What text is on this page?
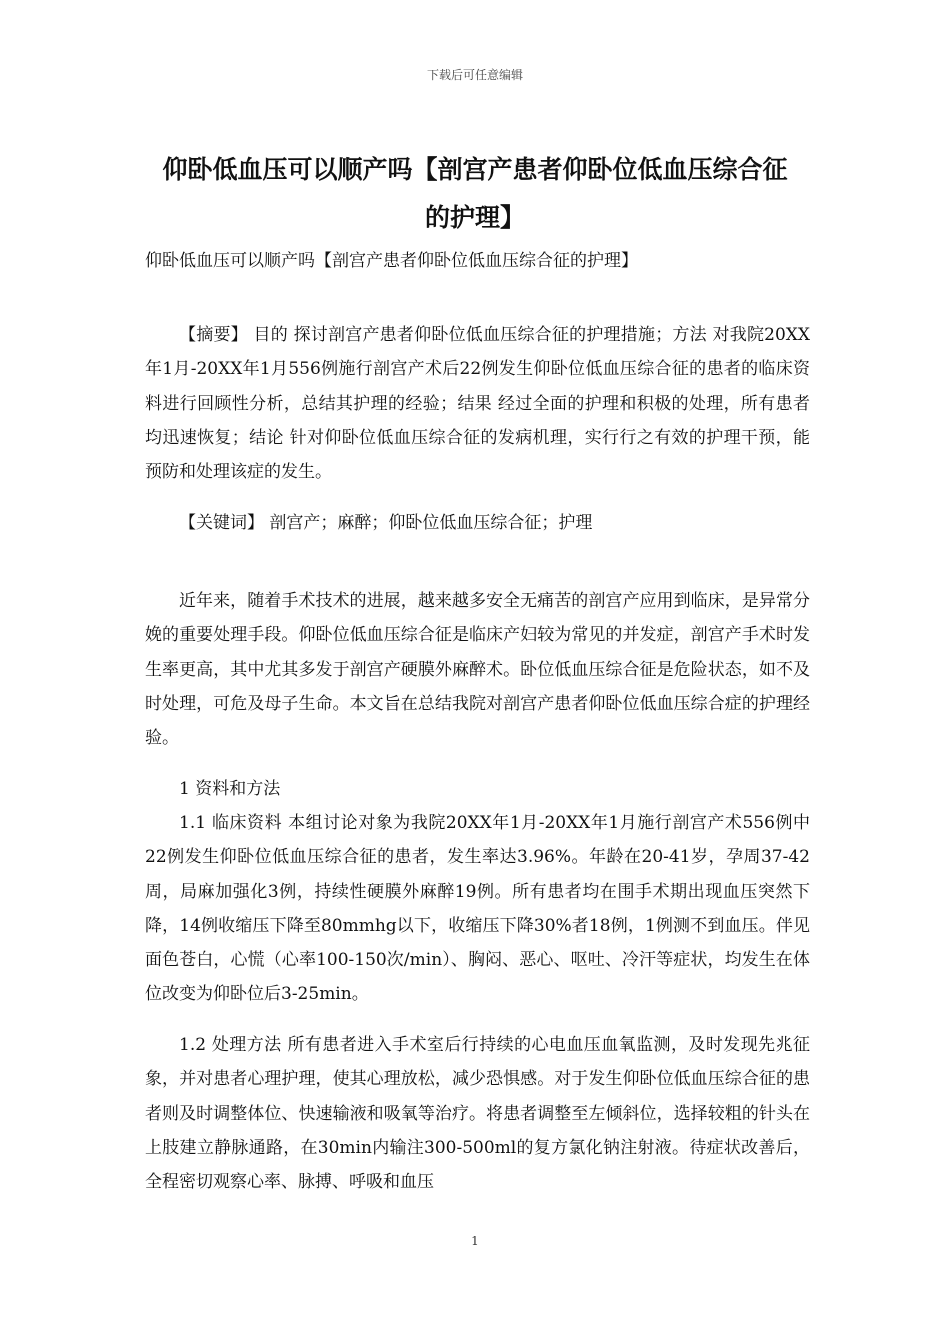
下载后可任意编辑
仰卧低血压可以顺产吗【剖宫产患者仰卧位低血压综合征
的护理】
仰卧低血压可以顺产吗【剖宫产患者仰卧位低血压综合征的护理】

【摘要】 目的 探讨剖宫产患者仰卧位低血压综合征的护理措施；方法 对我院20XX年1月-20XX年1月556例施行剖宫产术后22例发生仰卧位低血压综合征的患者的临床资料进行回顾性分析，总结其护理的经验；结果 经过全面的护理和积极的处理，所有患者均迅速恢复；结论 针对仰卧位低血压综合征的发病机理，实行行之有效的护理干预，能预防和处理该症的发生。

【关键词】 剖宫产；麻醉；仰卧位低血压综合征；护理

近年来，随着手术技术的进展，越来越多安全无痛苦的剖宫产应用到临床，是异常分娩的重要处理手段。仰卧位低血压综合征是临床产妇较为常见的并发症，剖宫产手术时发生率更高，其中尤其多发于剖宫产硬膜外麻醉术。卧位低血压综合征是危险状态，如不及时处理，可危及母子生命。本文旨在总结我院对剖宫产患者仰卧位低血压综合症的护理经验。

1 资料和方法

1.1 临床资料 本组讨论对象为我院20XX年1月-20XX年1月施行剖宫产术556例中22例发生仰卧位低血压综合征的患者，发生率达3.96%。年龄在20-41岁，孕周37-42周，局麻加强化3例，持续性硬膜外麻醉19例。所有患者均在围手术期出现血压突然下降，14例收缩压下降至80mmhg以下，收缩压下降30%者18例，1例测不到血压。伴见面色苍白，心慌（心率100-150次/min）、胸闷、恶心、呕吐、冷汗等症状，均发生在体位改变为仰卧位后3-25min。

1.2 处理方法 所有患者进入手术室后行持续的心电血压血氧监测，及时发现先兆征象，并对患者心理护理，使其心理放松，减少恐惧感。对于发生仰卧位低血压综合征的患者则及时调整体位、快速输液和吸氧等治疗。将患者调整至左倾斜位，选择较粗的针头在上肢建立静脉通路，在30min内输注300-500ml的复方氯化钠注射液。待症状改善后，全程密切观察心率、脉搏、呼吸和血压

1
